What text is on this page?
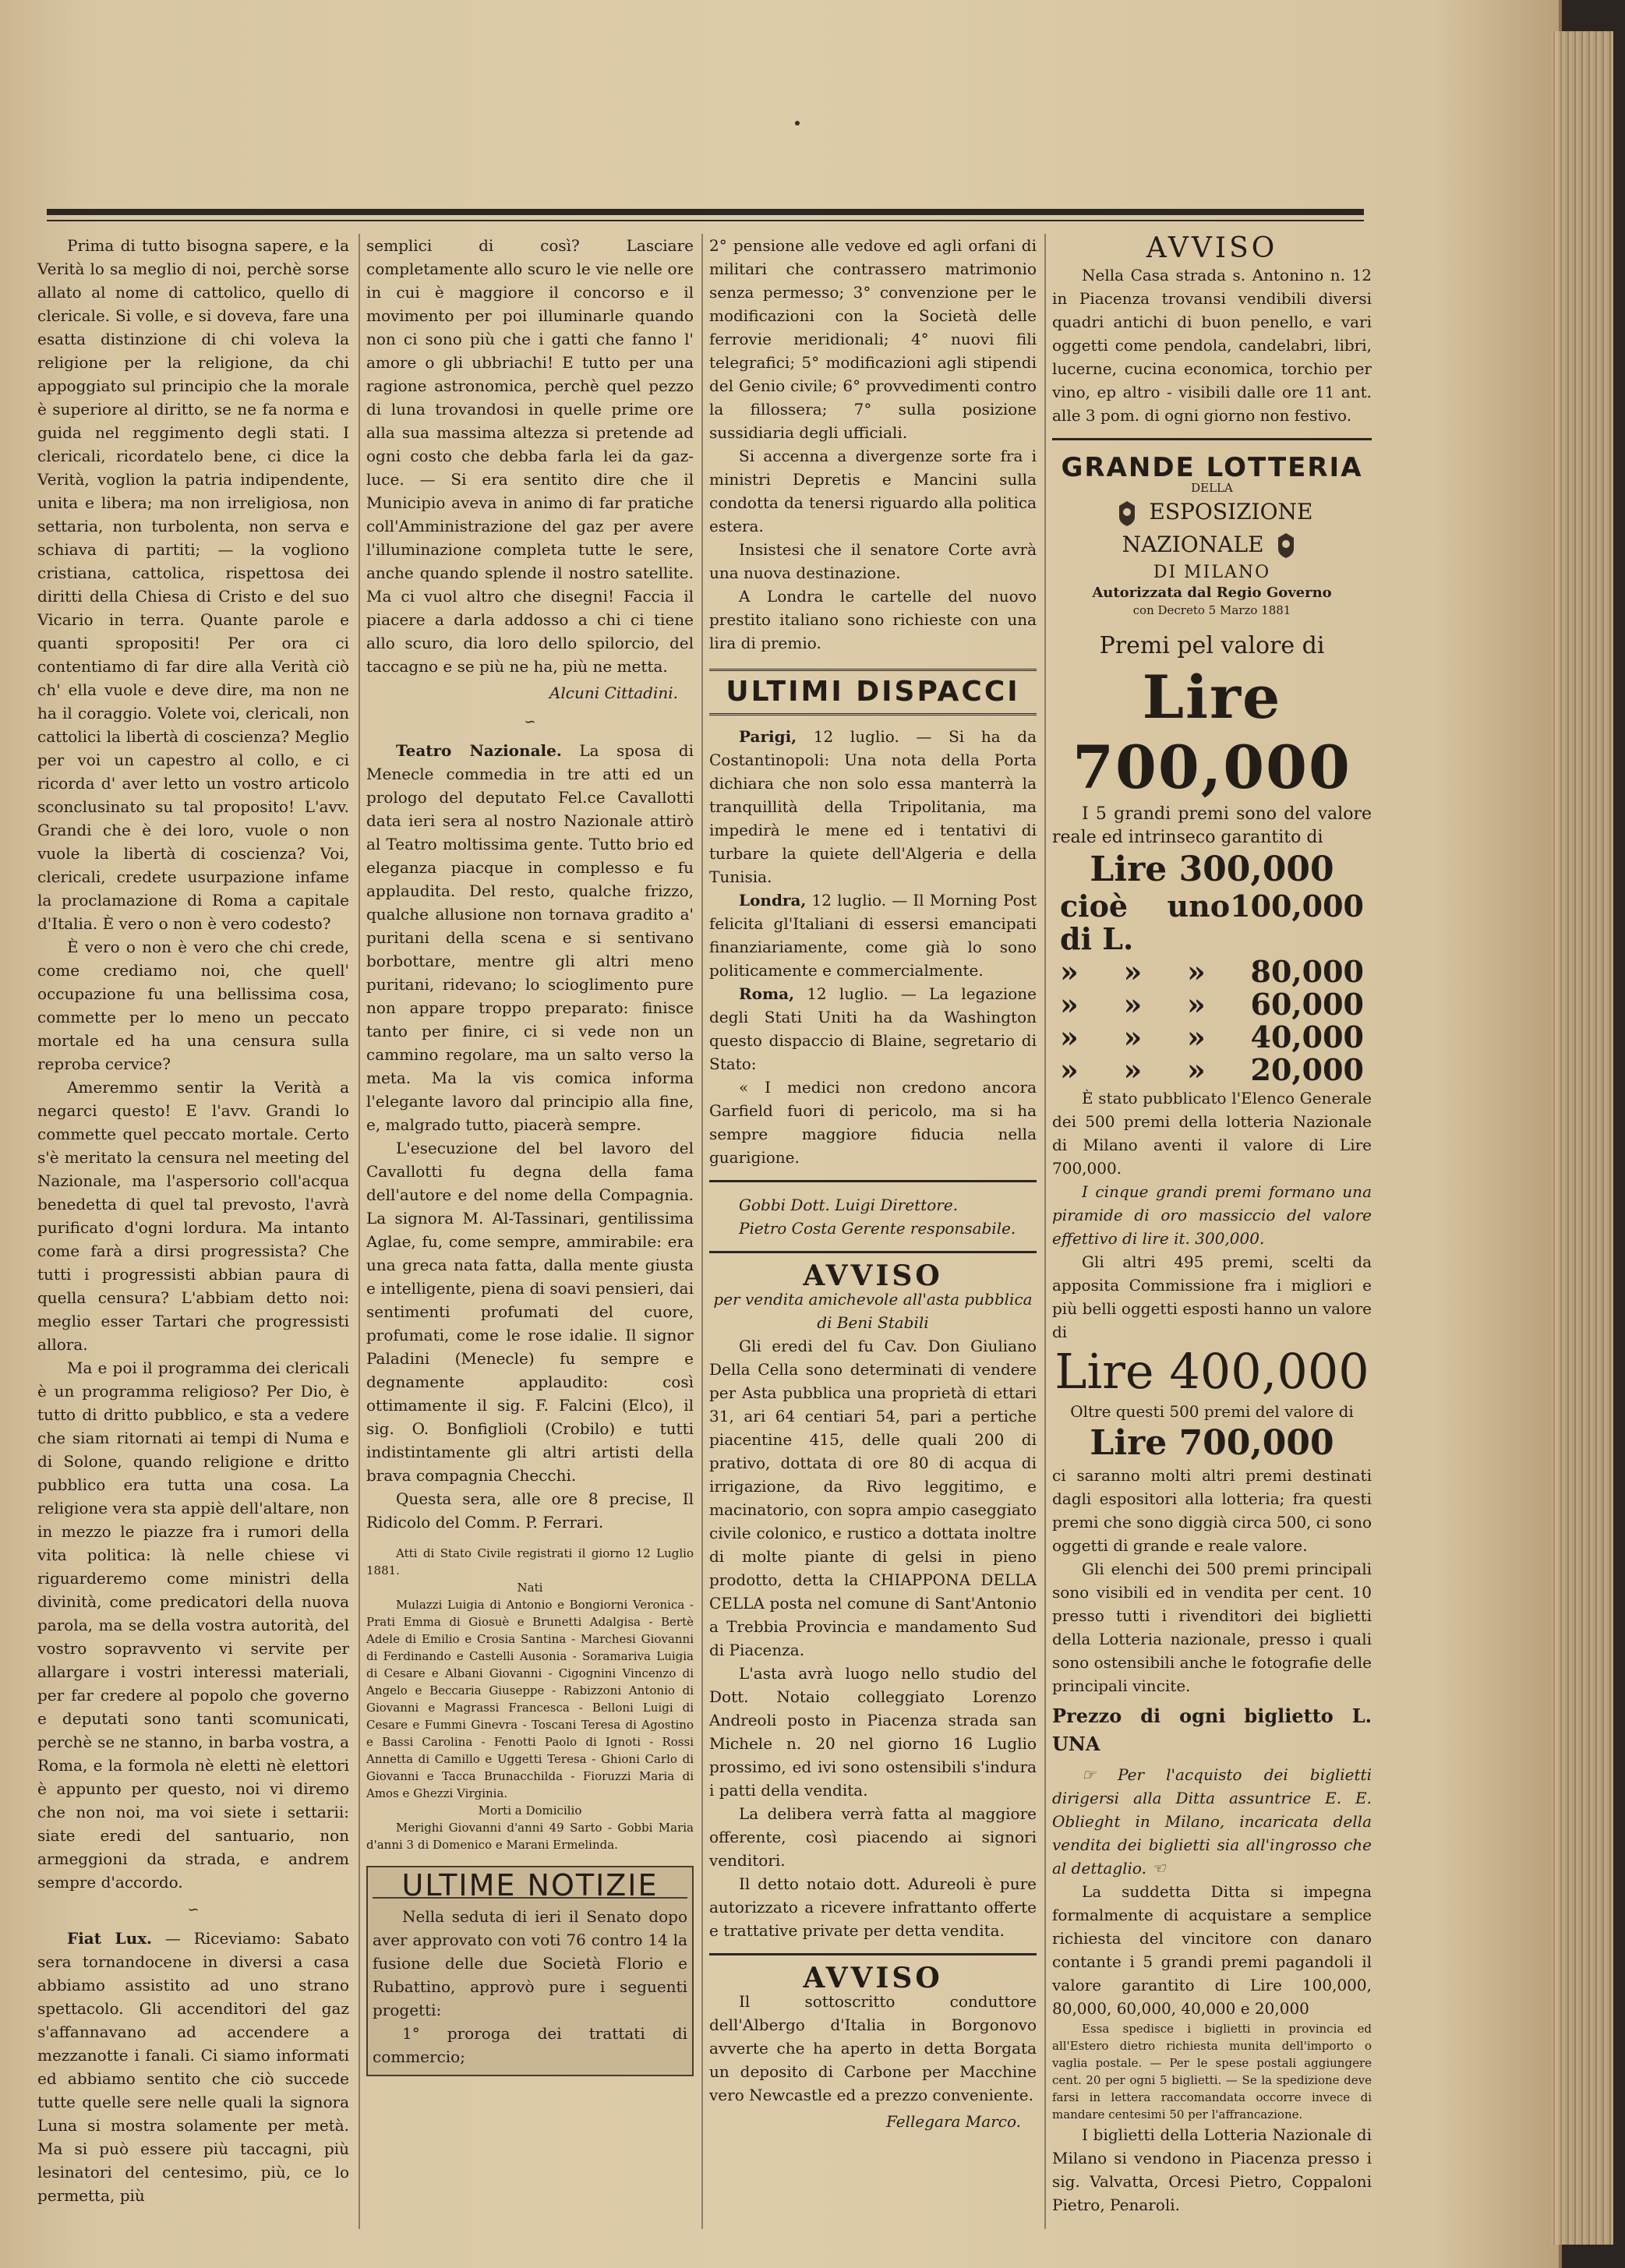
Prima di tutto bisogna sapere, e la Verità lo sa meglio di noi, perchè sorse allato al nome di cattolico, quello di clericale. Si volle, e si doveva, fare una esatta distinzione di chi voleva la religione per la religione, da chi appoggiato sul principio che la morale è superiore al diritto, se ne fa norma e guida nel reggimento degli stati. I clericali, ricordatelo bene, ci dice la Verità, voglion la patria indipendente, unita e libera; ma non irreligiosa, non settaria, non turbolenta, non serva e schiava di partiti; — la vogliono cristiana, cattolica, rispettosa dei diritti della Chiesa di Cristo e del suo Vicario in terra. Quante parole e quanti spropositi! Per ora ci contentiamo di far dire alla Verità ciò ch' ella vuole e deve dire, ma non ne ha il coraggio. Volete voi, clericali, non cattolici la libertà di coscienza? Meglio per voi un capestro al collo, e ci ricorda d' aver letto un vostro articolo sconclusinato su tal proposito! L'avv. Grandi che è dei loro, vuole o non vuole la libertà di coscienza? Voi, clericali, credete usurpazione infame la proclamazione di Roma a capitale d'Italia. È vero o non è vero codesto?

È vero o non è vero che chi crede, come crediamo noi, che quell' occupazione fu una bellissima cosa, commette per lo meno un peccato mortale ed ha una censura sulla reproba cervice?

Ameremmo sentir la Verità a negarci questo! E l'avv. Grandi lo commette quel peccato mortale. Certo s'è meritato la censura nel meeting del Nazionale, ma l'aspersorio coll'acqua benedetta di quel tal prevosto, l'avrà purificato d'ogni lordura. Ma intanto come farà a dirsi progressista? Che tutti i progressisti abbian paura di quella censura? L'abbiam detto noi: meglio esser Tartari che progressisti allora.

Ma e poi il programma dei clericali è un programma religioso? Per Dio, è tutto di dritto pubblico, e sta a vedere che siam ritornati ai tempi di Numa e di Solone, quando religione e dritto pubblico era tutta una cosa. La religione vera sta appiè dell'altare, non in mezzo le piazze fra i rumori della vita politica: là nelle chiese vi riguarderemo come ministri della divinità, come predicatori della nuova parola, ma se della vostra autorità, del vostro sopravvento vi servite per allargare i vostri interessi materiali, per far credere al popolo che governo e deputati sono tanti scomunicati, perchè se ne stanno, in barba vostra, a Roma, e la formola nè eletti nè elettori è appunto per questo, noi vi diremo che non noi, ma voi siete i settarii: siate eredi del santuario, non armeggioni da strada, e andrem sempre d'accordo.

∽

Fiat Lux. — Riceviamo: Sabato sera tornandocene in diversi a casa abbiamo assistito ad uno strano spettacolo. Gli accenditori del gaz s'affannavano ad accendere a mezzanotte i fanali. Ci siamo informati ed abbiamo sentito che ciò succede tutte quelle sere nelle quali la signora Luna si mostra solamente per metà. Ma si può essere più taccagni, più lesinatori del centesimo, più, ce lo permetta, più

semplici di così? Lasciare completamente allo scuro le vie nelle ore in cui è maggiore il concorso e il movimento per poi illuminarle quando non ci sono più che i gatti che fanno l' amore o gli ubbriachi! E tutto per una ragione astronomica, perchè quel pezzo di luna trovandosi in quelle prime ore alla sua massima altezza si pretende ad ogni costo che debba farla lei da gaz-luce. — Si era sentito dire che il Municipio aveva in animo di far pratiche coll'Amministrazione del gaz per avere l'illuminazione completa tutte le sere, anche quando splende il nostro satellite. Ma ci vuol altro che disegni! Faccia il piacere a darla addosso a chi ci tiene allo scuro, dia loro dello spilorcio, del taccagno e se più ne ha, più ne metta.

Alcuni Cittadini.
∽

Teatro Nazionale. La sposa di Menecle commedia in tre atti ed un prologo del deputato Fel.ce Cavallotti data ieri sera al nostro Nazionale attirò al Teatro moltissima gente. Tutto brio ed eleganza piacque in complesso e fu applaudita. Del resto, qualche frizzo, qualche allusione non tornava gradito a' puritani della scena e si sentivano borbottare, mentre gli altri meno puritani, ridevano; lo scioglimento pure non appare troppo preparato: finisce tanto per finire, ci si vede non un cammino regolare, ma un salto verso la meta. Ma la vis comica informa l'elegante lavoro dal principio alla fine, e, malgrado tutto, piacerà sempre.

L'esecuzione del bel lavoro del Cavallotti fu degna della fama dell'autore e del nome della Compagnia. La signora M. Al-Tassinari, gentilissima Aglae, fu, come sempre, ammirabile: era una greca nata fatta, dalla mente giusta e intelligente, piena di soavi pensieri, dai sentimenti profumati del cuore, profumati, come le rose idalie. Il signor Paladini (Menecle) fu sempre e degnamente applaudito: così ottimamente il sig. F. Falcini (Elco), il sig. O. Bonfiglioli (Crobilo) e tutti indistintamente gli altri artisti della brava compagnia Checchi.

Questa sera, alle ore 8 precise, Il Ridicolo del Comm. P. Ferrari.

Atti di Stato Civile registrati il giorno 12 Luglio 1881.

Nati

Mulazzi Luigia di Antonio e Bongiorni Veronica - Prati Emma di Giosuè e Brunetti Adalgisa - Bertè Adele di Emilio e Crosia Santina - Marchesi Giovanni di Ferdinando e Castelli Ausonia - Soramariva Luigia di Cesare e Albani Giovanni - Cigognini Vincenzo di Angelo e Beccaria Giuseppe - Rabizzoni Antonio di Giovanni e Magrassi Francesca - Belloni Luigi di Cesare e Fummi Ginevra - Toscani Teresa di Agostino e Bassi Carolina - Fenotti Paolo di Ignoti - Rossi Annetta di Camillo e Uggetti Teresa - Ghioni Carlo di Giovanni e Tacca Brunacchilda - Fioruzzi Maria di Amos e Ghezzi Virginia.

Morti a Domicilio

Merighi Giovanni d'anni 49 Sarto - Gobbi Maria d'anni 3 di Domenico e Marani Ermelinda.

ULTIME NOTIZIE

Nella seduta di ieri il Senato dopo aver approvato con voti 76 contro 14 la fusione delle due Società Florio e Rubattino, approvò pure i seguenti progetti:

1° proroga dei trattati di commercio;

2° pensione alle vedove ed agli orfani di militari che contrassero matrimonio senza permesso; 3° convenzione per le modificazioni con la Società delle ferrovie meridionali; 4° nuovi fili telegrafici; 5° modificazioni agli stipendi del Genio civile; 6° provvedimenti contro la fillossera; 7° sulla posizione sussidiaria degli ufficiali.

Si accenna a divergenze sorte fra i ministri Depretis e Mancini sulla condotta da tenersi riguardo alla politica estera.

Insistesi che il senatore Corte avrà una nuova destinazione.

A Londra le cartelle del nuovo prestito italiano sono richieste con una lira di premio.

ULTIMI DISPACCI

Parigi, 12 luglio. — Si ha da Costantinopoli: Una nota della Porta dichiara che non solo essa manterrà la tranquillità della Tripolitania, ma impedirà le mene ed i tentativi di turbare la quiete dell'Algeria e della Tunisia.

Londra, 12 luglio. — Il Morning Post felicita gl'Italiani di essersi emancipati finanziariamente, come già lo sono politicamente e commercialmente.

Roma, 12 luglio. — La legazione degli Stati Uniti ha da Washington questo dispaccio di Blaine, segretario di Stato:

« I medici non credono ancora Garfield fuori di pericolo, ma si ha sempre maggiore fiducia nella guarigione.

Gobbi Dott. Luigi Direttore.

Pietro Costa Gerente responsabile.

AVVISO
per vendita amichevole all'asta pubblica di Beni Stabili

Gli eredi del fu Cav. Don Giuliano Della Cella sono determinati di vendere per Asta pubblica una proprietà di ettari 31, ari 64 centiari 54, pari a pertiche piacentine 415, delle quali 200 di prativo, dottata di ore 80 di acqua di irrigazione, da Rivo leggitimo, e macinatorio, con sopra ampio caseggiato civile colonico, e rustico a dottata inoltre di molte piante di gelsi in pieno prodotto, detta la CHIAPPONA DELLA CELLA posta nel comune di Sant'Antonio a Trebbia Provincia e mandamento Sud di Piacenza.

L'asta avrà luogo nello studio del Dott. Notaio colleggiato Lorenzo Andreoli posto in Piacenza strada san Michele n. 20 nel giorno 16 Luglio prossimo, ed ivi sono ostensibili s'indura i patti della vendita.

La delibera verrà fatta al maggiore offerente, così piacendo ai signori venditori.

Il detto notaio dott. Adureoli è pure autorizzato a ricevere infrattanto offerte e trattative private per detta vendita.

AVVISO

Il sottoscritto conduttore dell'Albergo d'Italia in Borgonovo avverte che ha aperto in detta Borgata un deposito di Carbone per Macchine vero Newcastle ed a prezzo conveniente.

Fellegara Marco.
AVVISO

Nella Casa strada s. Antonino n. 12 in Piacenza trovansi vendibili diversi quadri antichi di buon penello, e vari oggetti come pendola, candelabri, libri, lucerne, cucina economica, torchio per vino, ep altro - visibili dalle ore 11 ant. alle 3 pom. di ogni giorno non festivo.

GRANDE LOTTERIA
DELLA
ESPOSIZIONE NAZIONALE
DI MILANO
Autorizzata dal Regio Governo
con Decreto 5 Marzo 1881
Premi pel valore di
Lire 700,000

I 5 grandi premi sono del valore reale ed intrinseco garantito di

Lire 300,000
cioè uno di L.
100,000
» » » 80,000
» » » 60,000
» » » 40,000
» » » 20,000

È stato pubblicato l'Elenco Generale dei 500 premi della lotteria Nazionale di Milano aventi il valore di Lire 700,000.

I cinque grandi premi formano una piramide di oro massiccio del valore effettivo di lire it. 300,000.

Gli altri 495 premi, scelti da apposita Commissione fra i migliori e più belli oggetti esposti hanno un valore di

Lire 400,000

Oltre questi 500 premi del valore di

Lire 700,000

ci saranno molti altri premi destinati dagli espositori alla lotteria; fra questi premi che sono diggià circa 500, ci sono oggetti di grande e reale valore.

Gli elenchi dei 500 premi principali sono visibili ed in vendita per cent. 10 presso tutti i rivenditori dei biglietti della Lotteria nazionale, presso i quali sono ostensibili anche le fotografie delle principali vincite.

Prezzo di ogni biglietto L. UNA

☞ Per l'acquisto dei biglietti dirigersi alla Ditta assuntrice E. E. Oblieght in Milano, incaricata della vendita dei biglietti sia all'ingrosso che al dettaglio. ☜

La suddetta Ditta si impegna formalmente di acquistare a semplice richiesta del vincitore con danaro contante i 5 grandi premi pagandoli il valore garantito di Lire 100,000, 80,000, 60,000, 40,000 e 20,000

Essa spedisce i biglietti in provincia ed all'Estero dietro richiesta munita dell'importo o vaglia postale. — Per le spese postali aggiungere cent. 20 per ogni 5 biglietti. — Se la spedizione deve farsi in lettera raccomandata occorre invece di mandare centesimi 50 per l'affrancazione.

I biglietti della Lotteria Nazionale di Milano si vendono in Piacenza presso i sig. Valvatta, Orcesi Pietro, Coppaloni Pietro, Penaroli.
